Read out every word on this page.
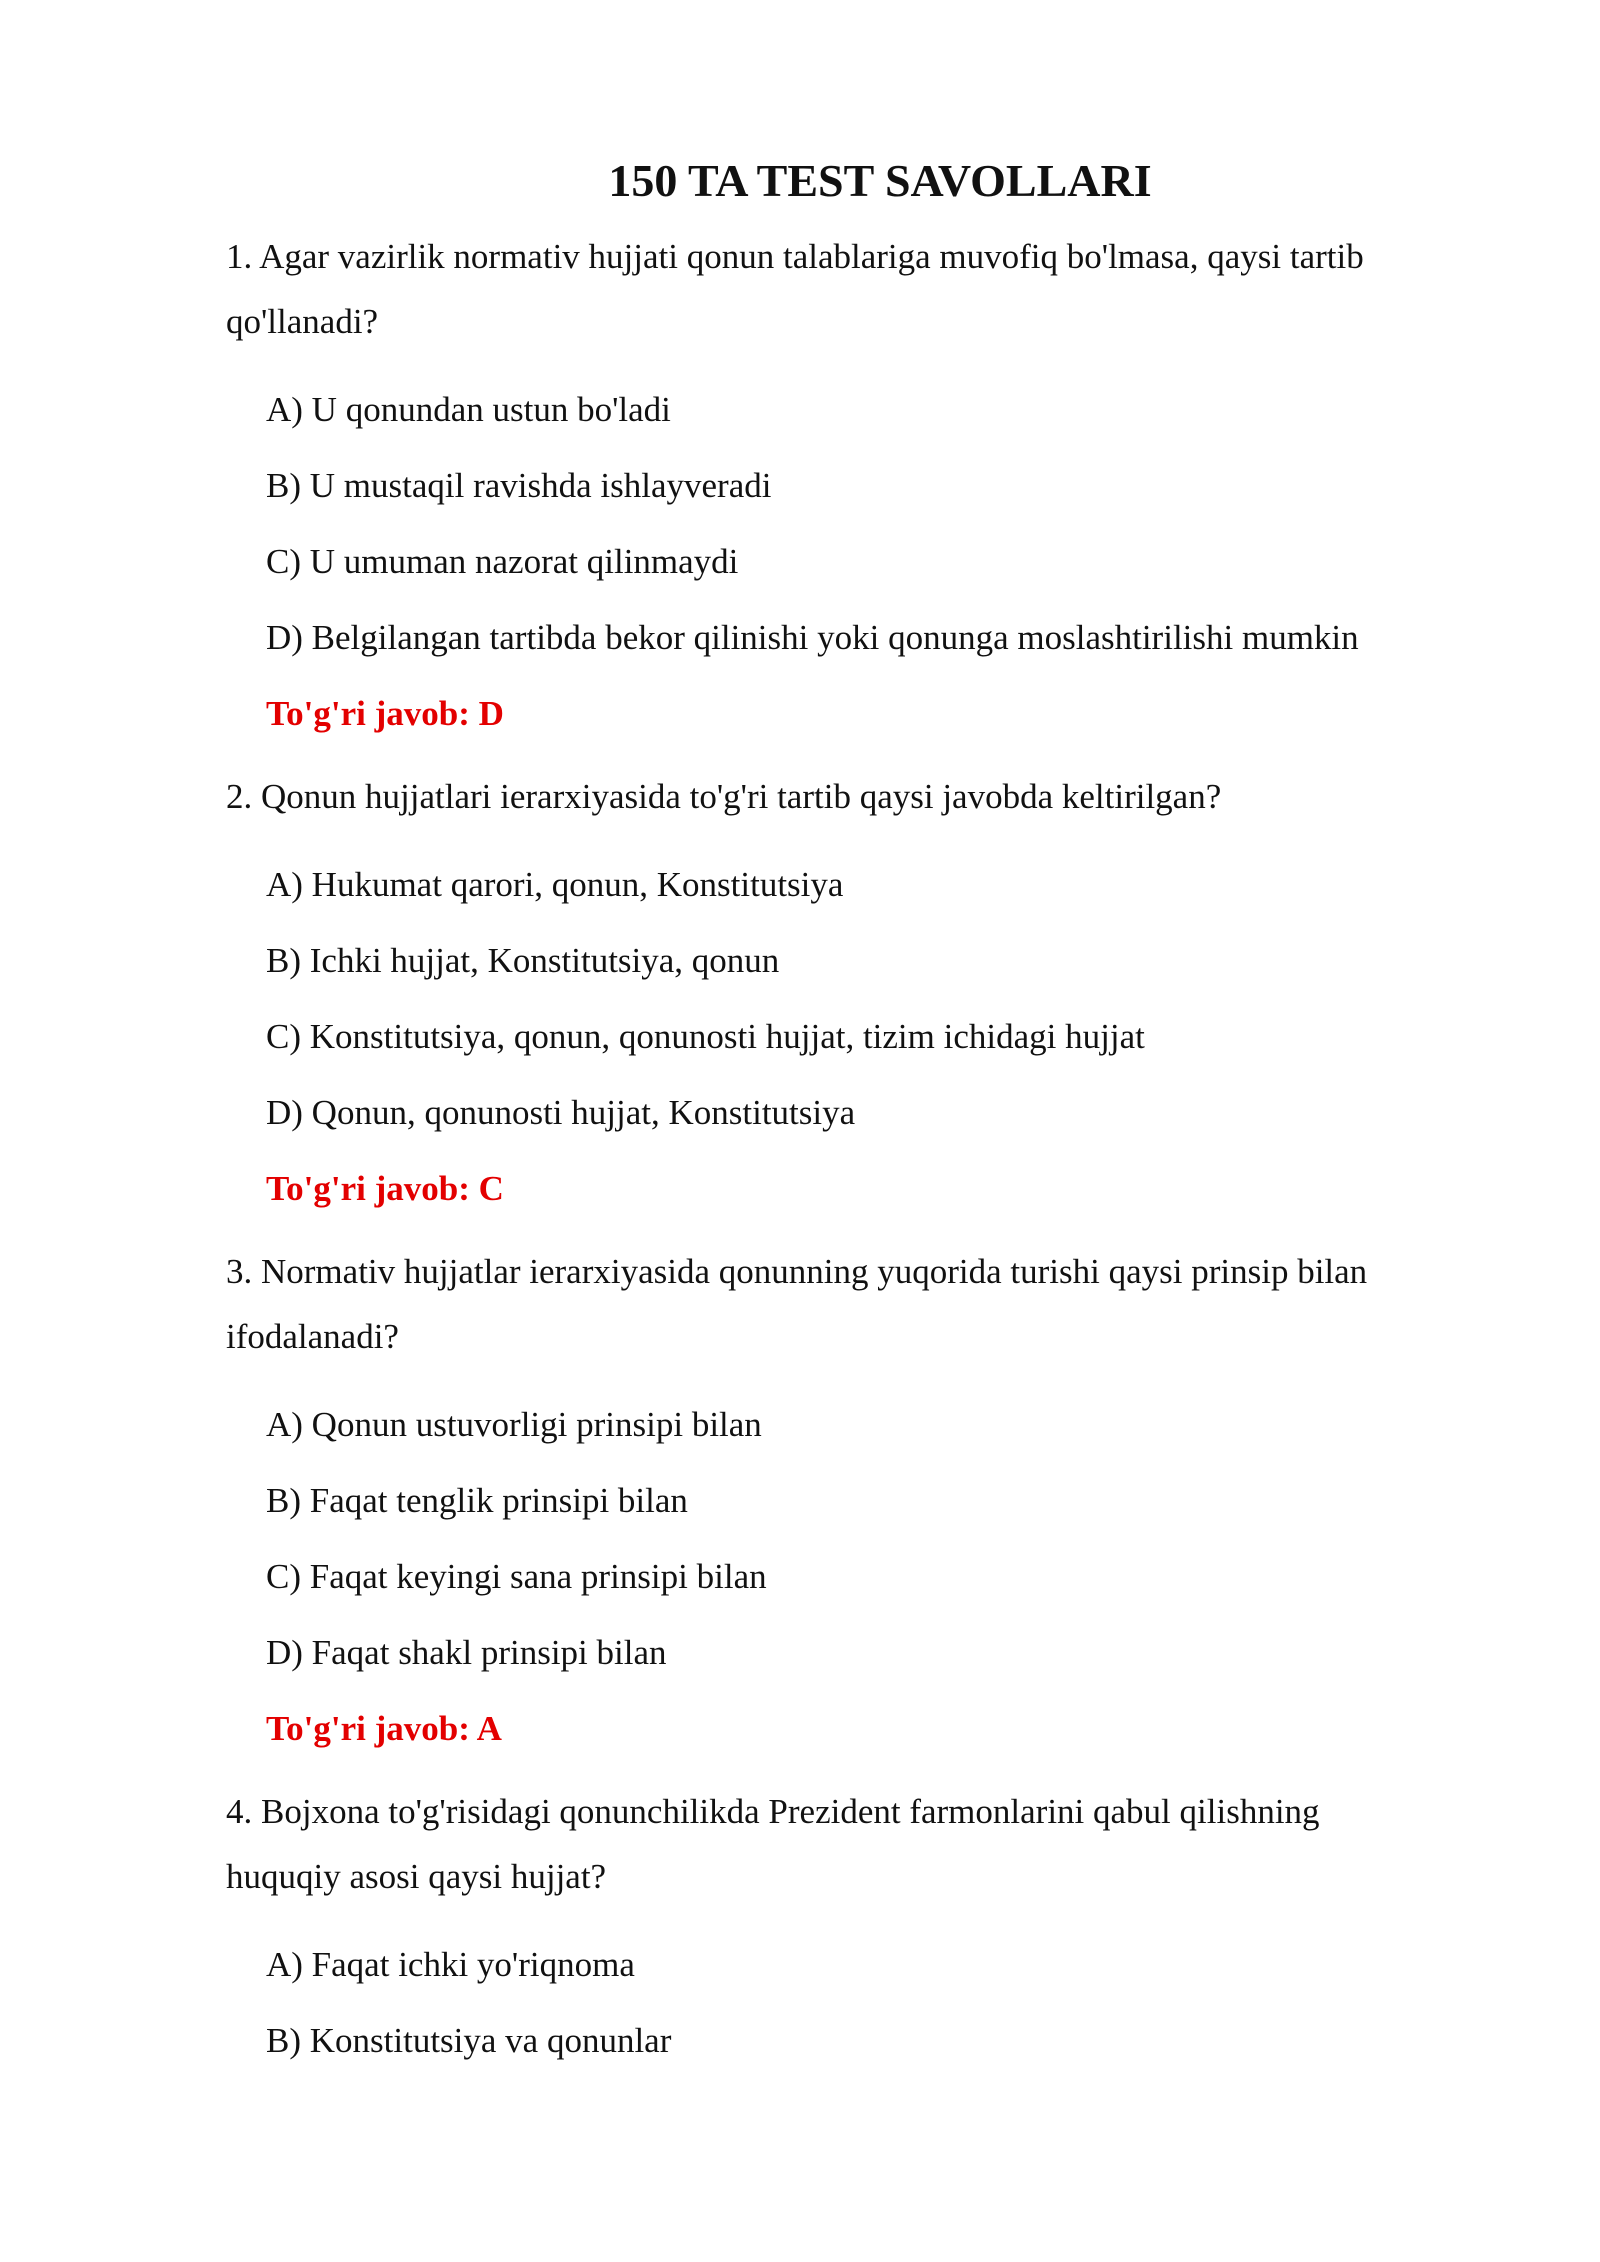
150 TA TEST SAVOLLARI

1. Agar vazirlik normativ hujjati qonun talablariga muvofiq bo'lmasa, qaysi tartib qo'llanadi?

A) U qonundan ustun bo'ladi
B) U mustaqil ravishda ishlayveradi
C) U umuman nazorat qilinmaydi
D) Belgilangan tartibda bekor qilinishi yoki qonunga moslashtirilishi mumkin

To'g'ri javob: D

2. Qonun hujjatlari ierarxiyasida to'g'ri tartib qaysi javobda keltirilgan?

A) Hukumat qarori, qonun, Konstitutsiya
B) Ichki hujjat, Konstitutsiya, qonun
C) Konstitutsiya, qonun, qonunosti hujjat, tizim ichidagi hujjat
D) Qonun, qonunosti hujjat, Konstitutsiya

To'g'ri javob: C

3. Normativ hujjatlar ierarxiyasida qonunning yuqorida turishi qaysi prinsip bilan ifodalanadi?

A) Qonun ustuvorligi prinsipi bilan
B) Faqat tenglik prinsipi bilan
C) Faqat keyingi sana prinsipi bilan
D) Faqat shakl prinsipi bilan

To'g'ri javob: A

4. Bojxona to'g'risidagi qonunchilikda Prezident farmonlarini qabul qilishning huquqiy asosi qaysi hujjat?

A) Faqat ichki yo'riqnoma
B) Konstitutsiya va qonunlar
